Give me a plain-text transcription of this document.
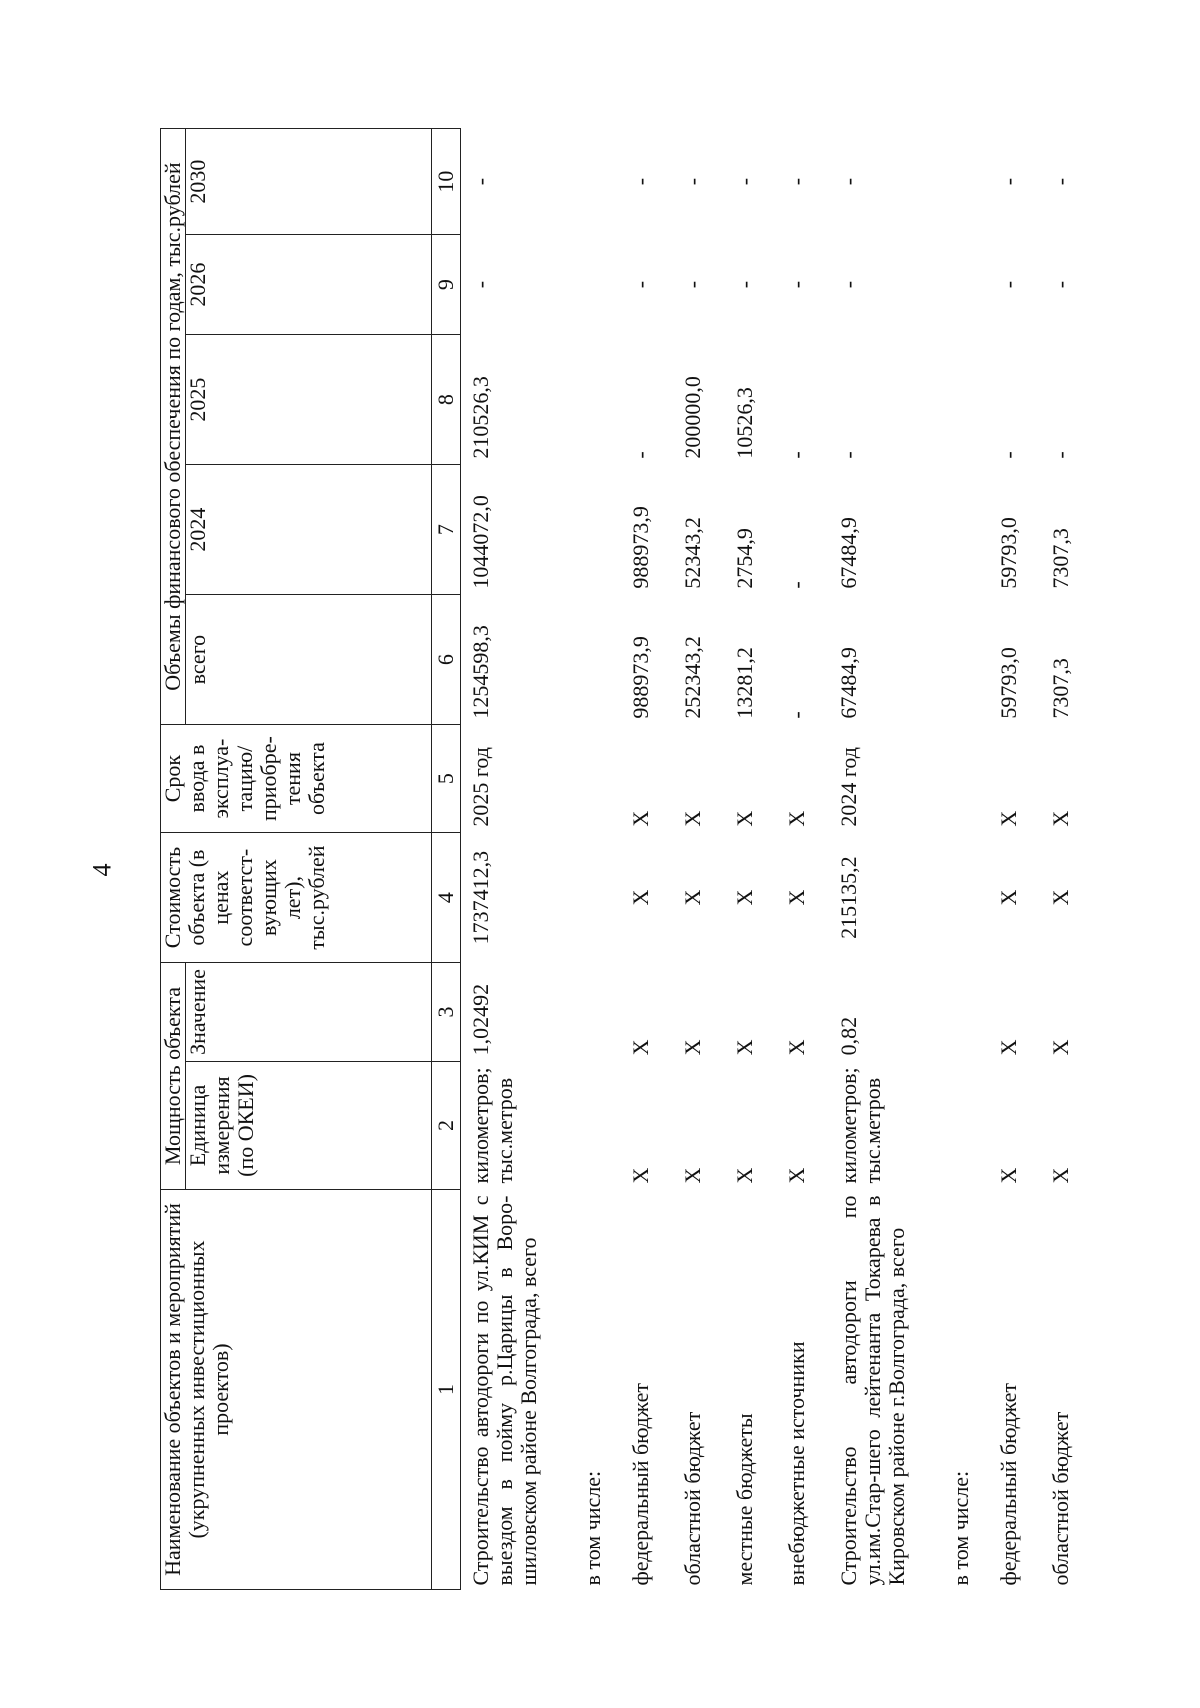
4
Наименование объектов и мероприятий (укрупненных инвестиционных проектов)	Мощность объекта		Стоимость объекта (в ценах соответст-вующих лет), тыс.рублей	Срок ввода в эксплуа-тацию/ приобре-тения объекта	Объемы финансового обеспечения по годам, тыс.рублей				
	Единица измерения (по ОКЕИ)	Значение			всего	2024	2025	2026	2030
1	2	3	4	5	6	7	8	9	10
Строительство автодороги по ул.КИМ с выездом в пойму р.Царицы в Воро-шиловском районе Волгограда, всего	километров; тыс.метров	1,02492	1737412,3	2025 год	1254598,3	1044072,0	210526,3	-	-
в том числе:									
федеральный бюджет	X	X	X	X	988973,9	988973,9	-	-	-
областной бюджет	X	X	X	X	252343,2	52343,2	200000,0	-	-
местные бюджеты	X	X	X	X	13281,2	2754,9	10526,3	-	-
внебюджетные источники	X	X	X	X	-	-	-	-	-
Строительство автодороги по ул.им.Стар-шего лейтенанта Токарева в Кировском районе г.Волгограда, всего	километров; тыс.метров	0,82	215135,2	2024 год	67484,9	67484,9	-	-	-
в том числе:									
федеральный бюджет	X	X	X	X	59793,0	59793,0	-	-	-
областной бюджет	X	X	X	X	7307,3	7307,3	-	-	-
